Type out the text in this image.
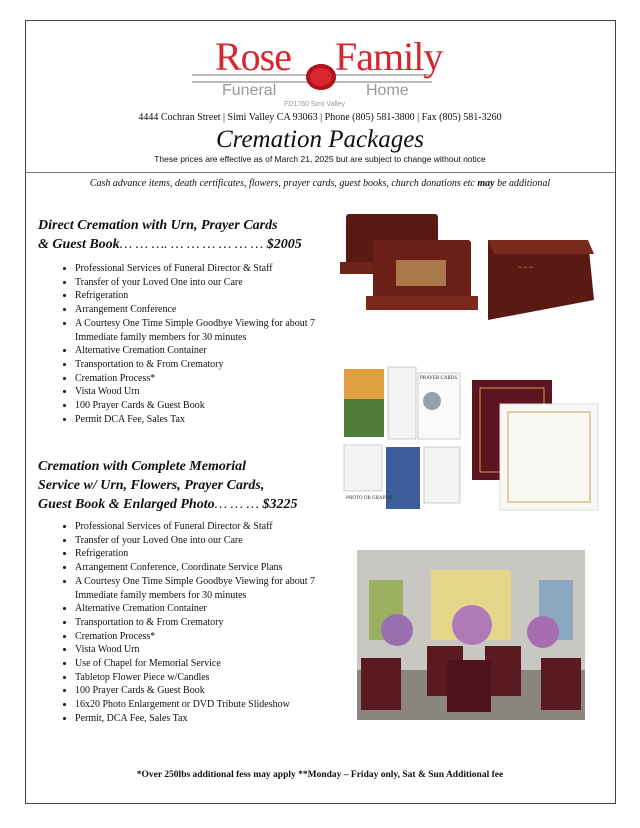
Rose Family
Funeral	Home
FD1760 Simi Valley
4444 Cochran Street | Simi Valley CA 93063 | Phone (805) 581-3800 | Fax (805) 581-3260
Cremation Packages
These prices are effective as of March 21, 2025 but are subject to change without notice
Cash advance items, death certificates, flowers, prayer cards, guest books, church donations etc may be additional
Direct Cremation with Urn, Prayer Cards
& Guest Book… … …. … … … … … … $2005
• Professional Services of Funeral Director & Staff
• Transfer of your Loved One into our Care
• Refrigeration
• Arrangement Conference
• A Courtesy One Time Simple Goodbye Viewing for about 7 Immediate family members for 30 minutes
• Alternative Cremation Container
• Transportation to & From Crematory
• Cremation Process*
• Vista Wood Urn
• 100 Prayer Cards & Guest Book
• Permit DCA Fee, Sales Tax
Cremation with Complete Memorial
Service w/ Urn, Flowers, Prayer Cards,
Guest Book & Enlarged Photo… … … $3225
• Professional Services of Funeral Director & Staff
• Transfer of your Loved One into our Care
• Refrigeration
• Arrangement Conference, Coordinate Service Plans
• A Courtesy One Time Simple Goodbye Viewing for about 7 Immediate family members for 30 minutes
• Alternative Cremation Container
• Transportation to & From Crematory
• Cremation Process*
• Vista Wood Urn
• Use of Chapel for Memorial Service
• Tabletop Flower Piece w/Candles
• 100 Prayer Cards & Guest Book
• 16x20 Photo Enlargement or DVD Tribute Slideshow
• Permit, DCA Fee, Sales Tax
~ ~ ~
PRAYER CARDS
PHOTO OR GRAPHIC
*Over 250lbs additional fess may apply **Monday – Friday only, Sat & Sun Additional fee
